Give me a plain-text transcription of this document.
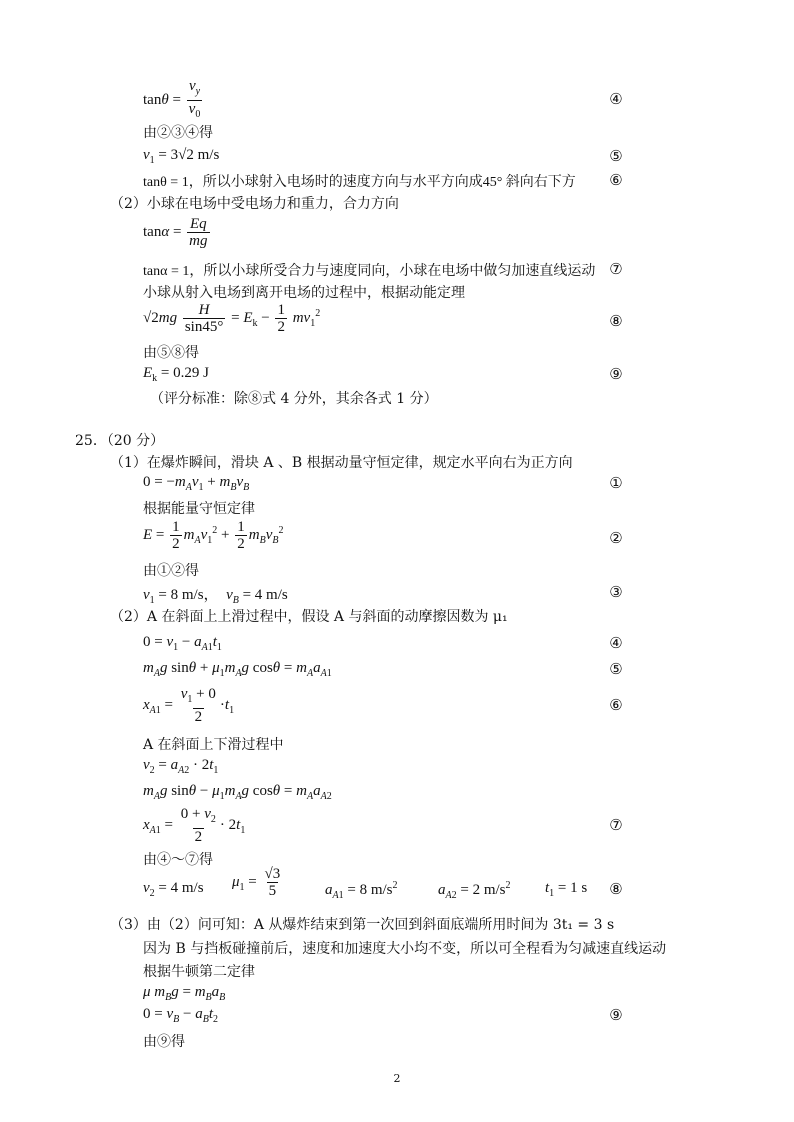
$\tan\theta = \frac{v_y}{v_0}$	④
由②③④得
$v_1 = 3√2$ m/s	⑤
tanθ = 1，所以小球射入电场时的速度方向与水平方向成45° 斜向右下方 ⑥
（2）小球在电场中受电场力和重力，合力方向
$\tan\alpha = \frac{Eq}{mg}$
tanα = 1，所以小球所受合力与速度同向，小球在电场中做匀加速直线运动 ⑦
小球从射入电场到离开电场的过程中，根据动能定理
$√2mg \frac{H}{\sin 45^\circ} = E_k - \frac{1}{2} mv_1^2$
⑧
由⑤⑧得
$E_k = 0.29$ J	⑨
（评分标准：除⑧式 4 分外，其余各式 1 分）
25．（20 分）
（1）在爆炸瞬间，滑块 A 、B 根据动量守恒定律，规定水平向右为正方向
$0 = -m_Av_1 + m_Bv_B$	①
根据能量守恒定律
$E = \frac{1}{2} m_Av_1^2 + \frac{1}{2} m_Bv_B^2$
②
由①②得
$v_1 = 8$ m/s，  $v_B = 4$ m/s	③
（2）A 在斜面上上滑过程中，假设 A 与斜面的动摩擦因数为 μ₁
$0 = v_1 - a_{A1}t_1$	④
$m_Ag$ $\sin\theta + \mu_1m_Ag$ $\cos\theta = m_Aa_{A1}$	⑤
$x_{A1} = \frac{v_1 + 0}{2} \cdot t_1$	⑥
A 在斜面上下滑过程中
$v_2 = a_{A2} \cdot 2t_1$
$m_Ag$ $\sin\theta - \mu_1m_Ag$ $\cos\theta = m_Aa_{A2}$
$x_{A1} = \frac{0 + v_2}{2} \cdot 2t_1$	⑦
由④～⑦得
$v_2 = 4$ m/s $\mu_1 = \frac{√3}{5}$	$a_{A1} = 8$ $m/s^2$	$a_{A2} = 2$ $m/s^2$ $t_1 = 1$ s ⑧
（3）由（2）问可知：A 从爆炸结束到第一次回到斜面底端所用时间为 3t₁ = 3 s
因为 B 与挡板碰撞前后，速度和加速度大小均不变，所以可全程看为匀减速直线运动
根据牛顿第二定律
μ $m_Bg = m_Ba_B$
$0 = v_B - a_Bt_2$	⑨
由⑨得
2
